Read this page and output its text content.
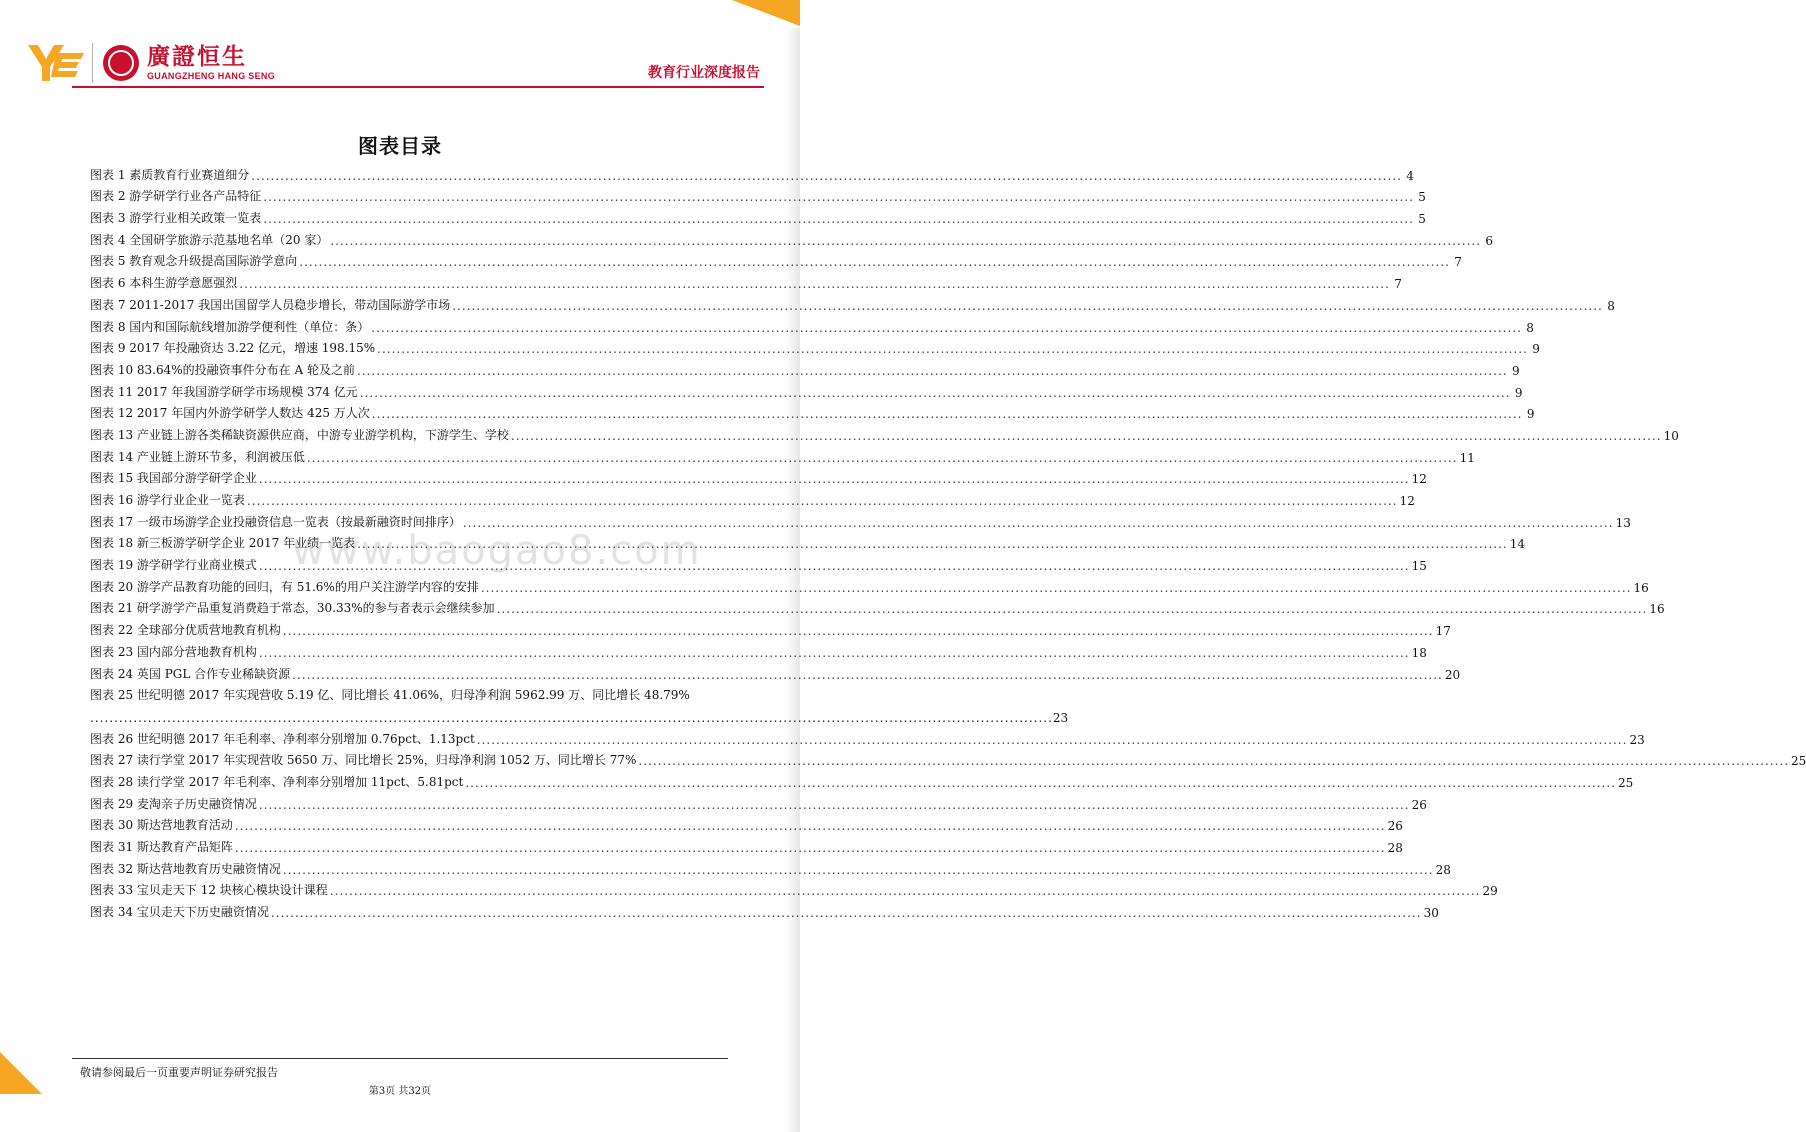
廣證恒生
GUANGZHENG HANG SENG	教育行业深度报告
图表目录
www.baogao8.com
图表 1 素质教育行业赛道细分 .....	4
图表 2 游学研学行业各产品特征 .....	5
图表 3 游学行业相关政策一览表 .....	5
图表 4 全国研学旅游示范基地名单（20 家） .....	6
图表 5 教育观念升级提高国际游学意向 .....	7
图表 6 本科生游学意愿强烈 .....	7
图表 7 2011-2017 我国出国留学人员稳步增长，带动国际游学市场 .....	8
图表 8 国内和国际航线增加游学便利性（单位：条） .....	8
图表 9 2017 年投融资达 3.22 亿元，增速 198.15% .....	9
图表 10 83.64%的投融资事件分布在 A 轮及之前 .....	9
图表 11 2017 年我国游学研学市场规模 374 亿元 .....	9
图表 12 2017 年国内外游学研学人数达 425 万人次 .....	9
图表 13 产业链上游各类稀缺资源供应商，中游专业游学机构，下游学生、学校 .....	10
图表 14 产业链上游环节多，利润被压低 .....	11
图表 15 我国部分游学研学企业 .....	12
图表 16 游学行业企业一览表 .....	12
图表 17 一级市场游学企业投融资信息一览表（按最新融资时间排序） .....	13
图表 18 新三板游学研学企业 2017 年业绩一览表 .....	14
图表 19 游学研学行业商业模式 .....	15
图表 20 游学产品教育功能的回归，有 51.6%的用户关注游学内容的安排 .....	16
图表 21 研学游学产品重复消费趋于常态，30.33%的参与者表示会继续参加 .....	16
图表 22 全球部分优质营地教育机构 .....	17
图表 23 国内部分营地教育机构 .....	18
图表 24 英国 PGL 合作专业稀缺资源 .....	20
图表 25 世纪明德 2017 年实现营收 5.19 亿、同比增长 41.06%，归母净利润 5962.99 万、同比增长 48.79%
........................................................................................................................................................................................................ 23
图表 26 世纪明德 2017 年毛利率、净利率分别增加 0.76pct、1.13pct .....	23
图表 27 读行学堂 2017 年实现营收 5650 万、同比增长 25%，归母净利润 1052 万、同比增长 77% .....	25
图表 28 读行学堂 2017 年毛利率、净利率分别增加 11pct、5.81pct .....	25
图表 29 麦淘亲子历史融资情况 .....	26
图表 30 斯达营地教育活动 .....	26
图表 31 斯达教育产品矩阵 .....	28
图表 32 斯达营地教育历史融资情况 .....	28
图表 33 宝贝走天下 12 块核心模块设计课程 .....	29
图表 34 宝贝走天下历史融资情况 .....	30
敬请参阅最后一页重要声明证券研究报告
第3页 共32页
